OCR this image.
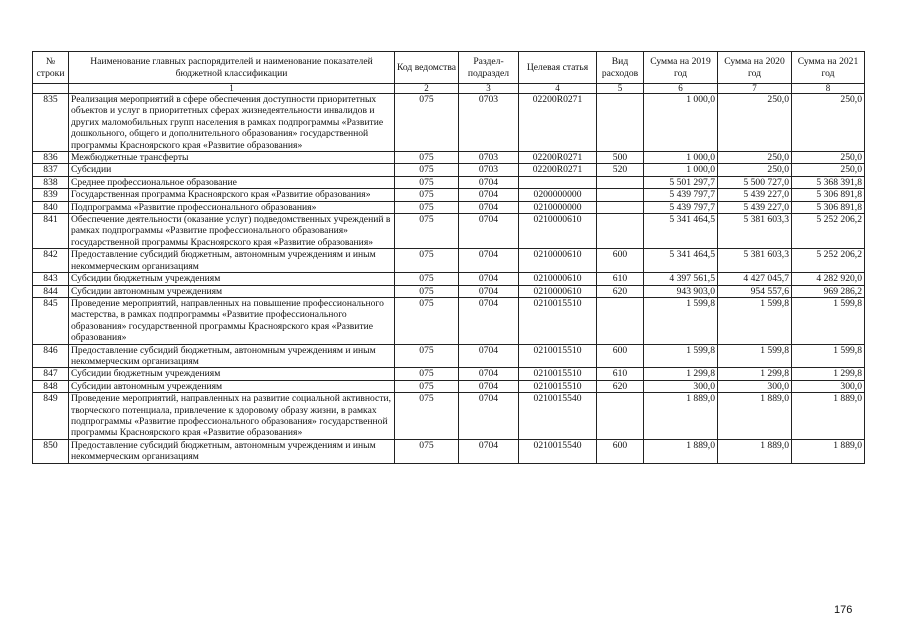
№ строки	Наименование главных распорядителей и наименование показателей бюджетной классификации	Код ведомства	Раздел-подраздел	Целевая статья	Вид расходов	Сумма на 2019 год	Сумма на 2020 год	Сумма на 2021 год
	1	2	3	4	5	6	7	8
835	Реализация мероприятий в сфере обеспечения доступности приоритетных объектов и услуг в приоритетных сферах жизнедеятельности инвалидов и других маломобильных групп населения в рамках подпрограммы «Развитие дошкольного, общего и дополнительного образования» государственной программы Красноярского края «Развитие образования»	075	0703	02200R0271		1 000,0	250,0	250,0
836	Межбюджетные трансферты	075	0703	02200R0271	500	1 000,0	250,0	250,0
837	Субсидии	075	0703	02200R0271	520	1 000,0	250,0	250,0
838	Среднее профессиональное образование	075	0704			5 501 297,7	5 500 727,0	5 368 391,8
839	Государственная программа Красноярского края «Развитие образования»	075	0704	0200000000		5 439 797,7	5 439 227,0	5 306 891,8
840	Подпрограмма «Развитие профессионального образования»	075	0704	0210000000		5 439 797,7	5 439 227,0	5 306 891,8
841	Обеспечение деятельности (оказание услуг) подведомственных учреждений в рамках подпрограммы «Развитие профессионального образования» государственной программы Красноярского края «Развитие образования»	075	0704	0210000610		5 341 464,5	5 381 603,3	5 252 206,2
842	Предоставление субсидий бюджетным, автономным учреждениям и иным некоммерческим организациям	075	0704	0210000610	600	5 341 464,5	5 381 603,3	5 252 206,2
843	Субсидии бюджетным учреждениям	075	0704	0210000610	610	4 397 561,5	4 427 045,7	4 282 920,0
844	Субсидии автономным учреждениям	075	0704	0210000610	620	943 903,0	954 557,6	969 286,2
845	Проведение мероприятий, направленных на повышение профессионального мастерства, в рамках подпрограммы «Развитие профессионального образования» государственной программы Красноярского края «Развитие образования»	075	0704	0210015510		1 599,8	1 599,8	1 599,8
846	Предоставление субсидий бюджетным, автономным учреждениям и иным некоммерческим организациям	075	0704	0210015510	600	1 599,8	1 599,8	1 599,8
847	Субсидии бюджетным учреждениям	075	0704	0210015510	610	1 299,8	1 299,8	1 299,8
848	Субсидии автономным учреждениям	075	0704	0210015510	620	300,0	300,0	300,0
849	Проведение мероприятий, направленных на развитие социальной активности, творческого потенциала, привлечение к здоровому образу жизни, в рамках подпрограммы «Развитие профессионального образования» государственной программы Красноярского края «Развитие образования»	075	0704	0210015540		1 889,0	1 889,0	1 889,0
850	Предоставление субсидий бюджетным, автономным учреждениям и иным некоммерческим организациям	075	0704	0210015540	600	1 889,0	1 889,0	1 889,0
176
